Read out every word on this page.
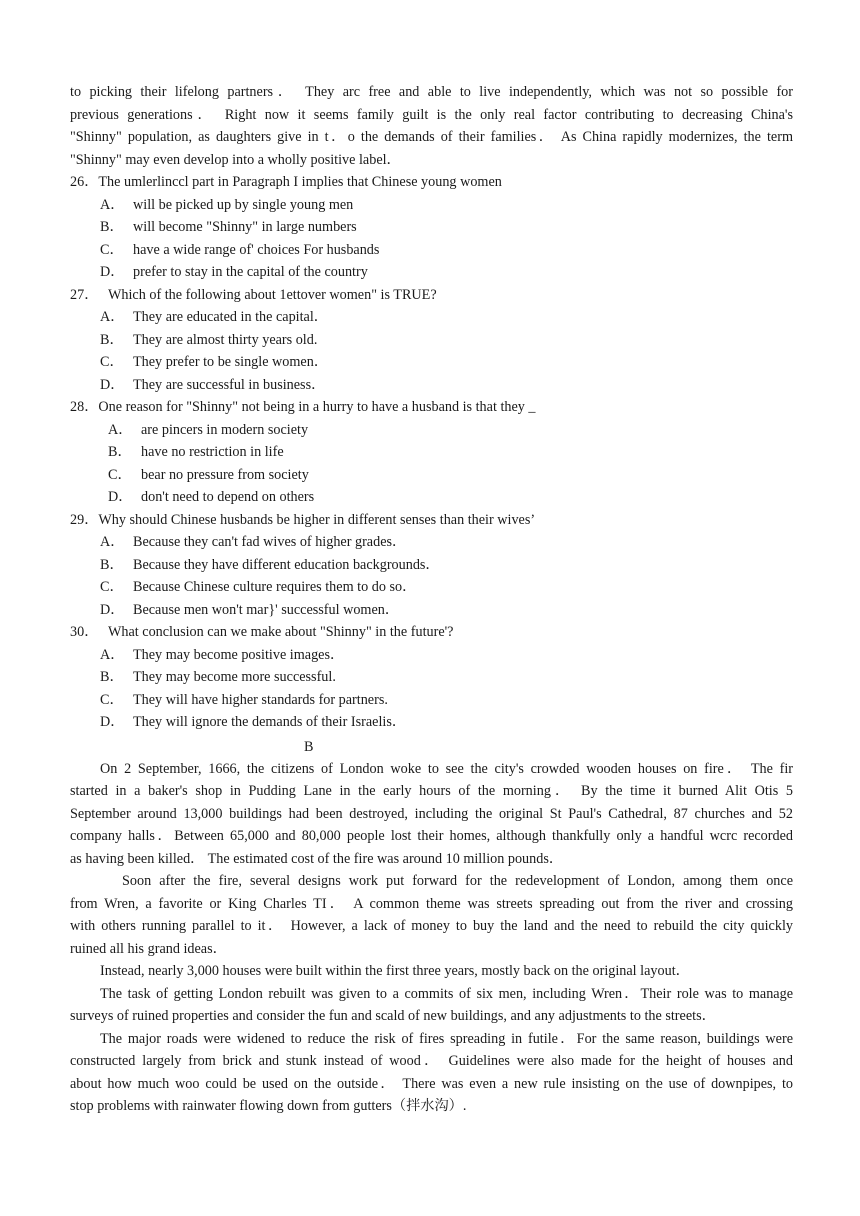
to picking their lifelong partners． They arc free and able to live independently, which was not so possible for
previous generations． Right now it seems family guilt is the only real factor contributing to decreasing China's
"Shinny" population, as daughters give in t．o the demands of their families． As China rapidly modernizes, the term
"Shinny" may even develop into a wholly positive label．
26．The umlerlinccl part in Paragraph I implies that Chinese young women
A． will be picked up by single young men
B． will become "Shinny" in large numbers
C． have a wide range of' choices For husbands
D． prefer to stay in the capital of the country
27． Which of the following about 1ettover women" is TRUE?
A． They are educated in the capital．
B． They are almost thirty years old.
C． They prefer to be single women．
D． They are successful in business．
28．One reason for "Shinny" not being in a hurry to have a husband is that they _
A． are pincers in modern society
B． have no restriction in life
C． bear no pressure from society
D． don't need to depend on others
29．Why should Chinese husbands be higher in different senses than their wives’
A． Because they can't fad wives of higher grades．
B． Because they have different education backgrounds．
C． Because Chinese culture requires them to do so．
D． Because men won't mar}' successful women．
30． What conclusion can we make about "Shinny" in the future'?
A． They may become positive images．
B． They may become more successful.
C． They will have higher standards for partners.
D． They will ignore the demands of their Israelis．
B
On 2 September, 1666, the citizens of London woke to see the city's crowded wooden houses on fire． The fir
started in a baker's shop in Pudding Lane in the early hours of the morning． By the time it burned Alit Otis 5
September around 13,000 buildings had been destroyed, including the original St Paul's Cathedral, 87 churches and 52
company halls．Between 65,000 and 80,000 people lost their homes, although thankfully only a handful wcrc recorded
as having been killed． The estimated cost of the fire was around 10 million pounds．
Soon after the fire, several designs work put forward for the redevelopment of London, among them once
from Wren, a favorite or King Charles TI． A common theme was streets spreading out from the river and crossing
with others running parallel to it． However, a lack of money to buy the land and the need to rebuild the city quickly
ruined all his grand ideas．
Instead, nearly 3,000 houses were built within the first three years, mostly back on the original layout．
The task of getting London rebuilt was given to a commits of six men, including Wren．Their role was to manage
surveys of ruined properties and consider the fun and scald of new buildings, and any adjustments to the streets．
The major roads were widened to reduce the risk of fires spreading in futile．For the same reason, buildings were
constructed largely from brick and stunk instead of wood． Guidelines were also made for the height of houses and
about how much woo could be used on the outside． There was even a new rule insisting on the use of downpipes, to
stop problems with rainwater flowing down from gutters（拌水沟）.
